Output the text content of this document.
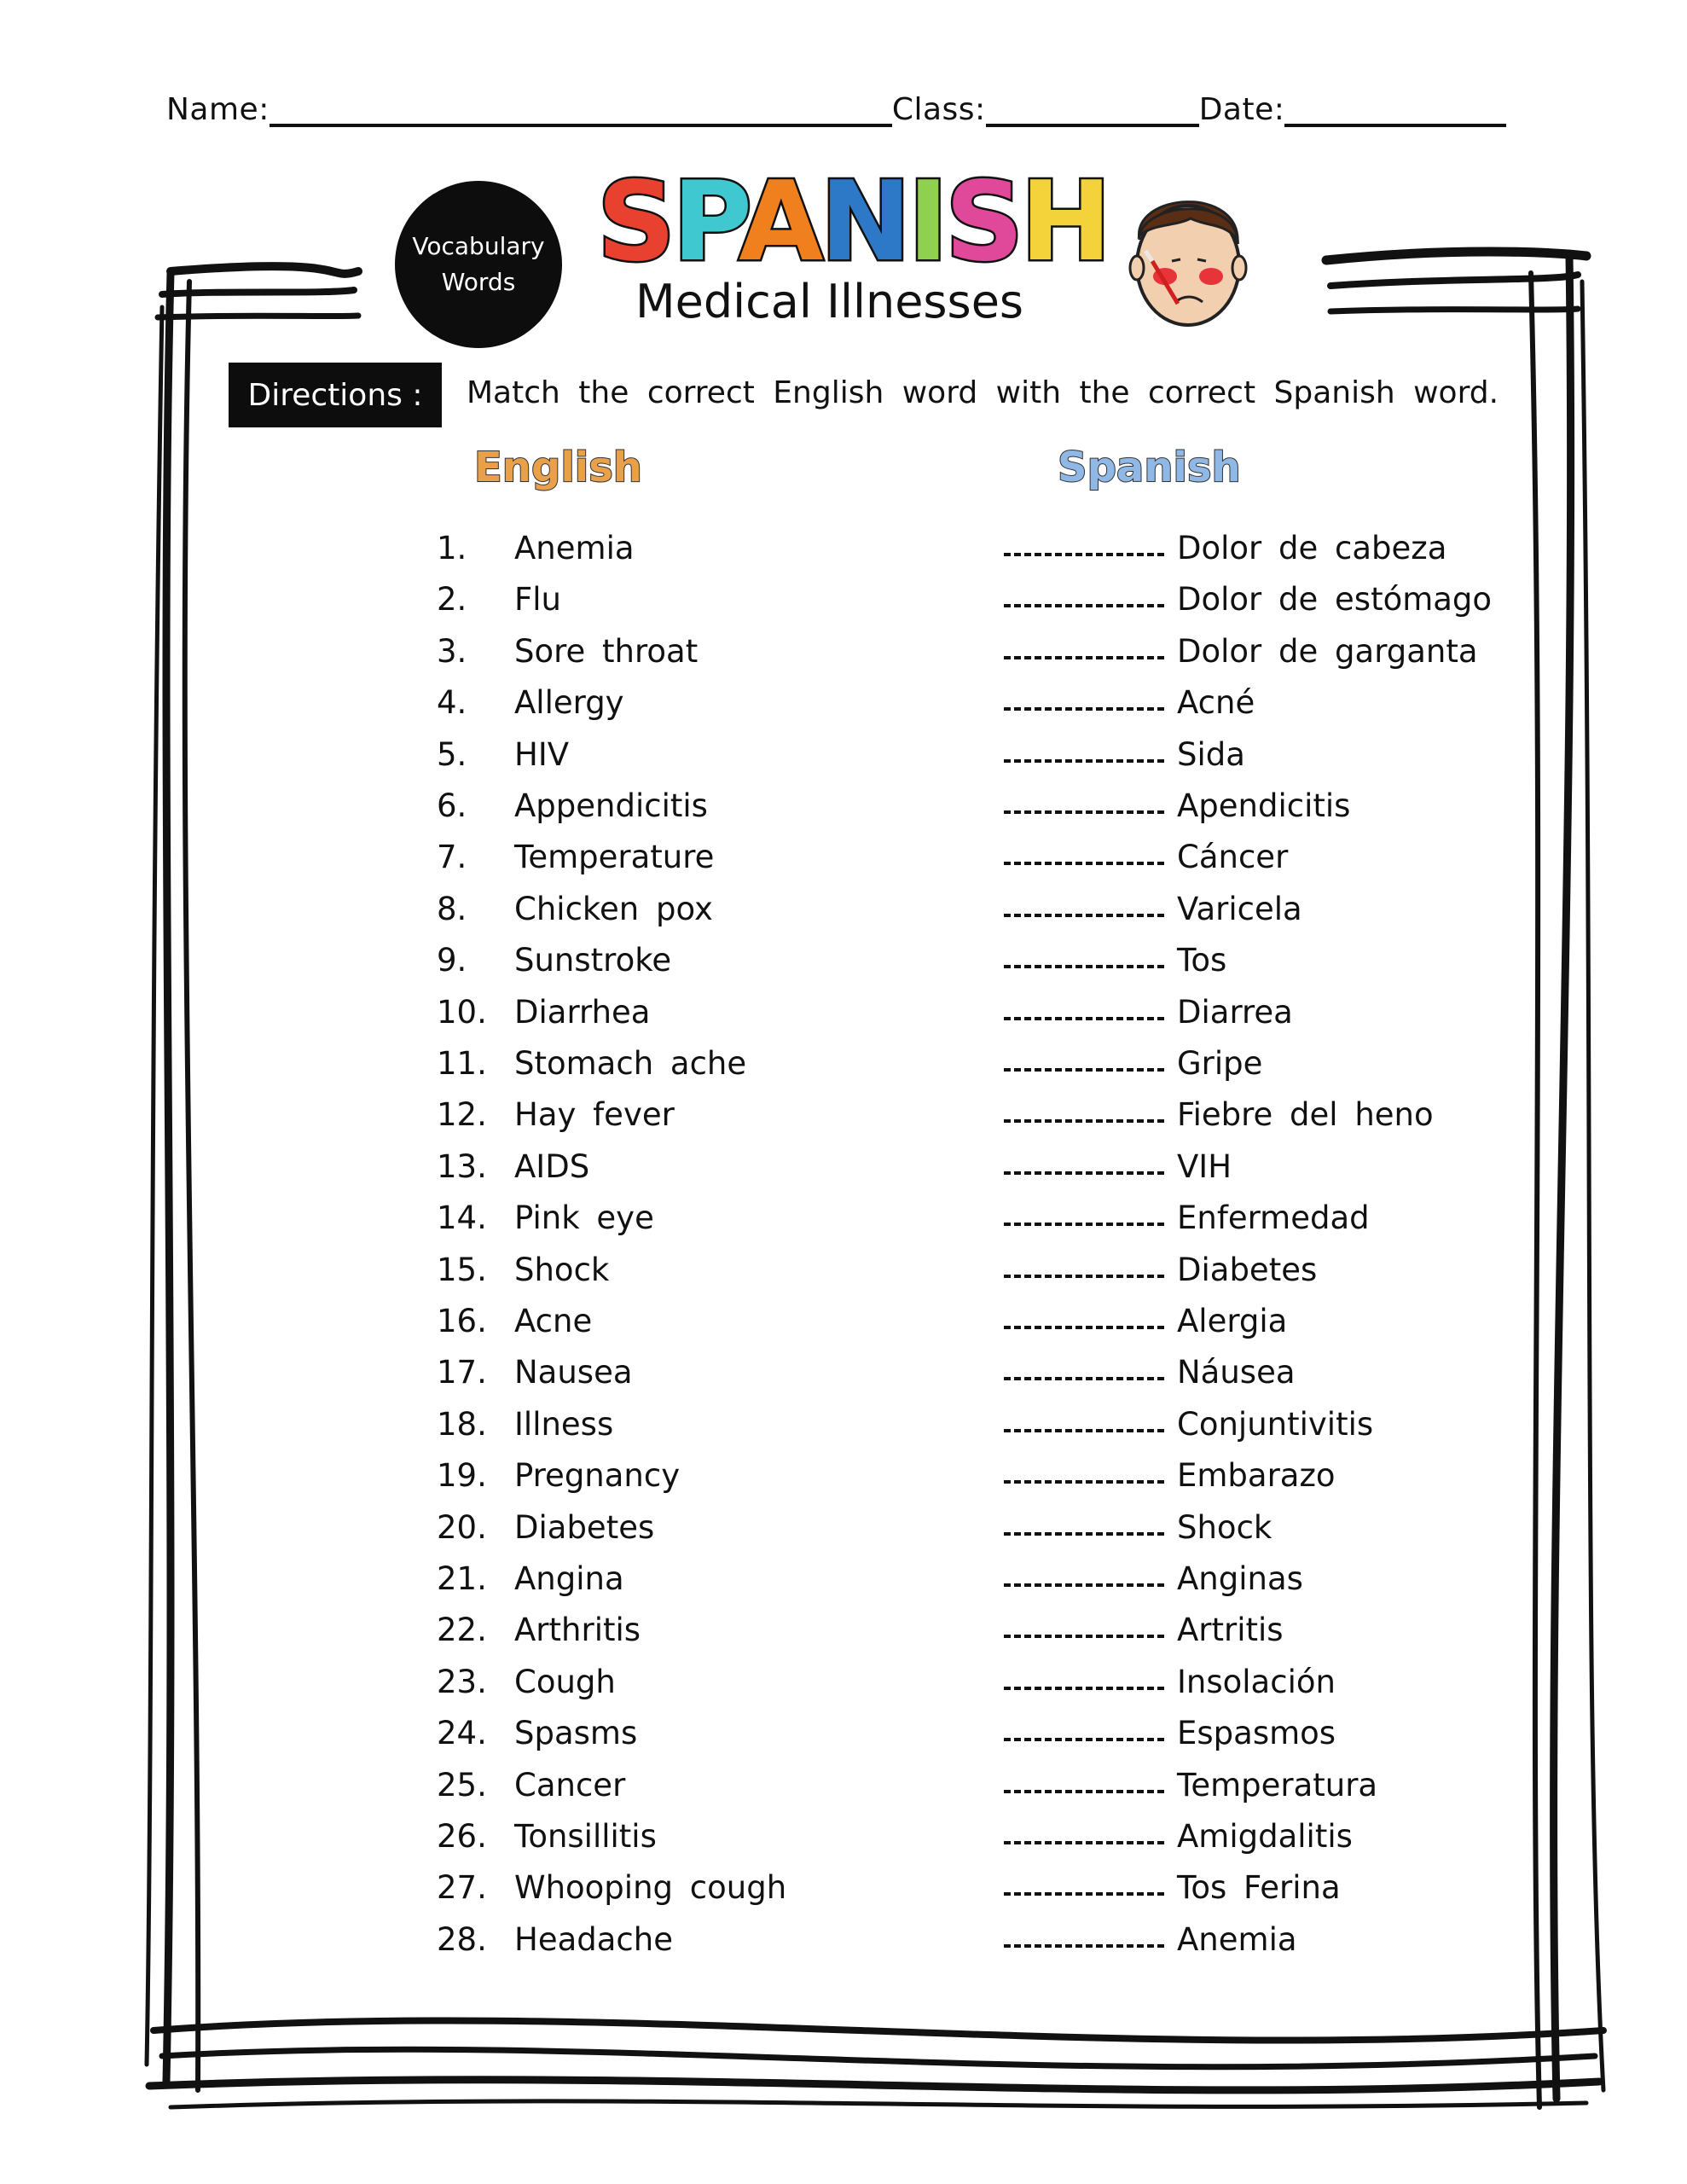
Name:	Class:	Date:
Vocabulary
Words SPANISH
Medical Illnesses
Directions :	Match the correct English word with the correct Spanish word.
English	Spanish
1. Anemia	Dolor de cabeza
2. Flu	Dolor de estómago
3. Sore throat	Dolor de garganta
4. Allergy	Acné
5. HIV	Sida
6. Appendicitis	Apendicitis
7. Temperature	Cáncer
8. Chicken pox	Varicela
9. Sunstroke	Tos
10. Diarrhea	Diarrea
11. Stomach ache	Gripe
12. Hay fever	Fiebre del heno
13. AIDS	VIH
14. Pink eye	Enfermedad
15. Shock	Diabetes
16. Acne	Alergia
17. Nausea	Náusea
18. Illness	Conjuntivitis
19. Pregnancy	Embarazo
20. Diabetes	Shock
21. Angina	Anginas
22. Arthritis	Artritis
23. Cough	Insolación
24. Spasms	Espasmos
25. Cancer	Temperatura
26. Tonsillitis	Amigdalitis
27. Whooping cough	Tos Ferina
28. Headache	Anemia
